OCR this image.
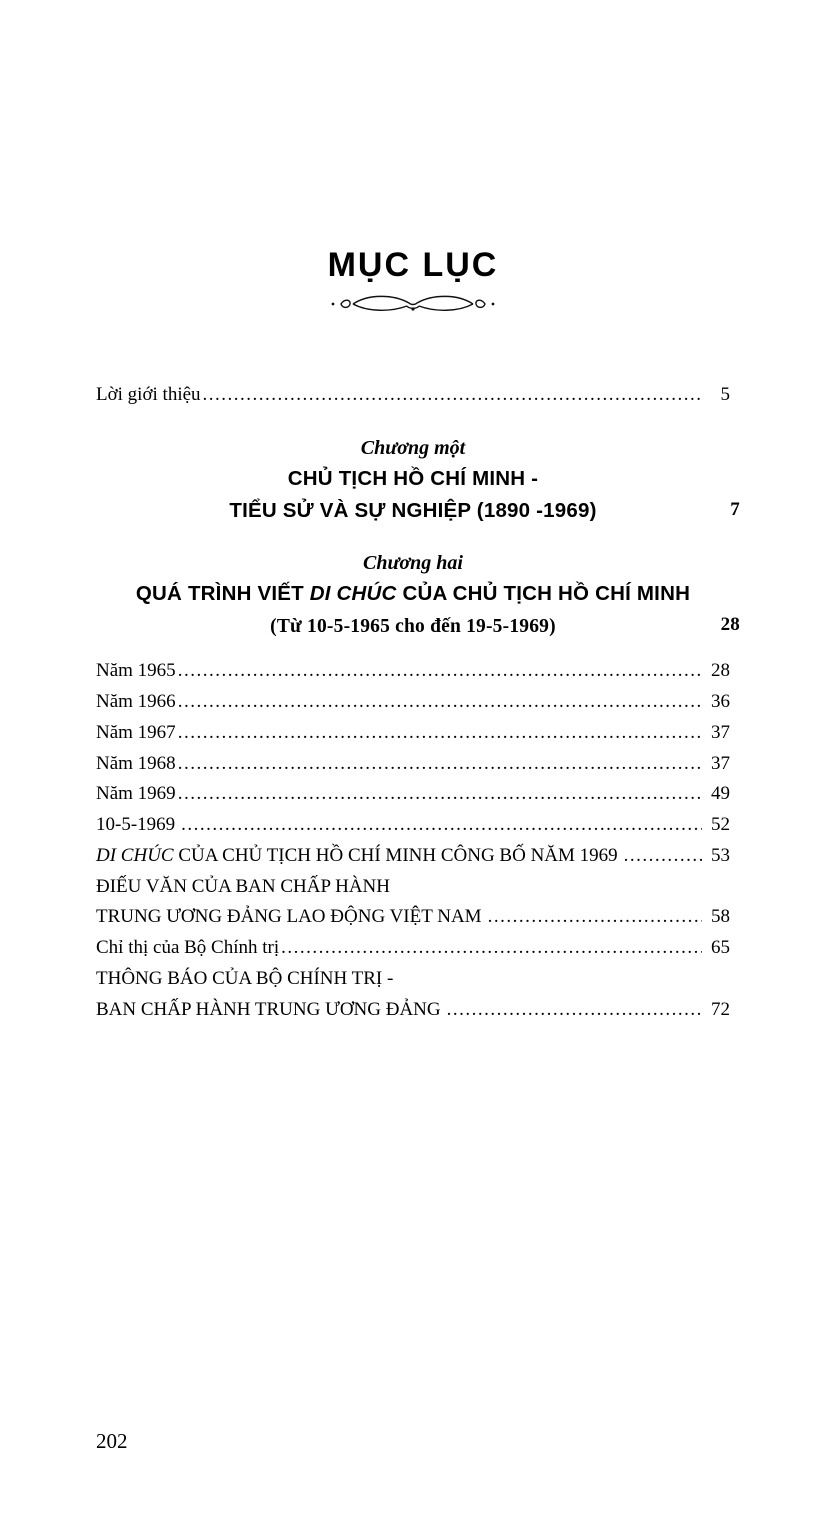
MỤC LỤC
Lời giới thiệu .....	5
Chương một
CHỦ TỊCH HỒ CHÍ MINH -
TIỂU SỬ VÀ SỰ NGHIỆP (1890 -1969)	7
Chương hai
QUÁ TRÌNH VIẾT DI CHÚC CỦA CHỦ TỊCH HỒ CHÍ MINH
(Từ 10-5-1965 cho đến 19-5-1969)	28
Năm 1965 .....	28
Năm 1966 .....	36
Năm 1967 .....	37
Năm 1968 .....	37
Năm 1969 .....	49
10-5-1969 .....	52
DI CHÚC CỦA CHỦ TỊCH HỒ CHÍ MINH CÔNG BỐ NĂM 1969 .....	53
ĐIẾU VĂN CỦA BAN CHẤP HÀNH
TRUNG ƯƠNG ĐẢNG LAO ĐỘNG VIỆT NAM .....	58
Chỉ thị của Bộ Chính trị .....	65
THÔNG BÁO CỦA BỘ CHÍNH TRỊ -
BAN CHẤP HÀNH TRUNG ƯƠNG ĐẢNG .....	72
202
